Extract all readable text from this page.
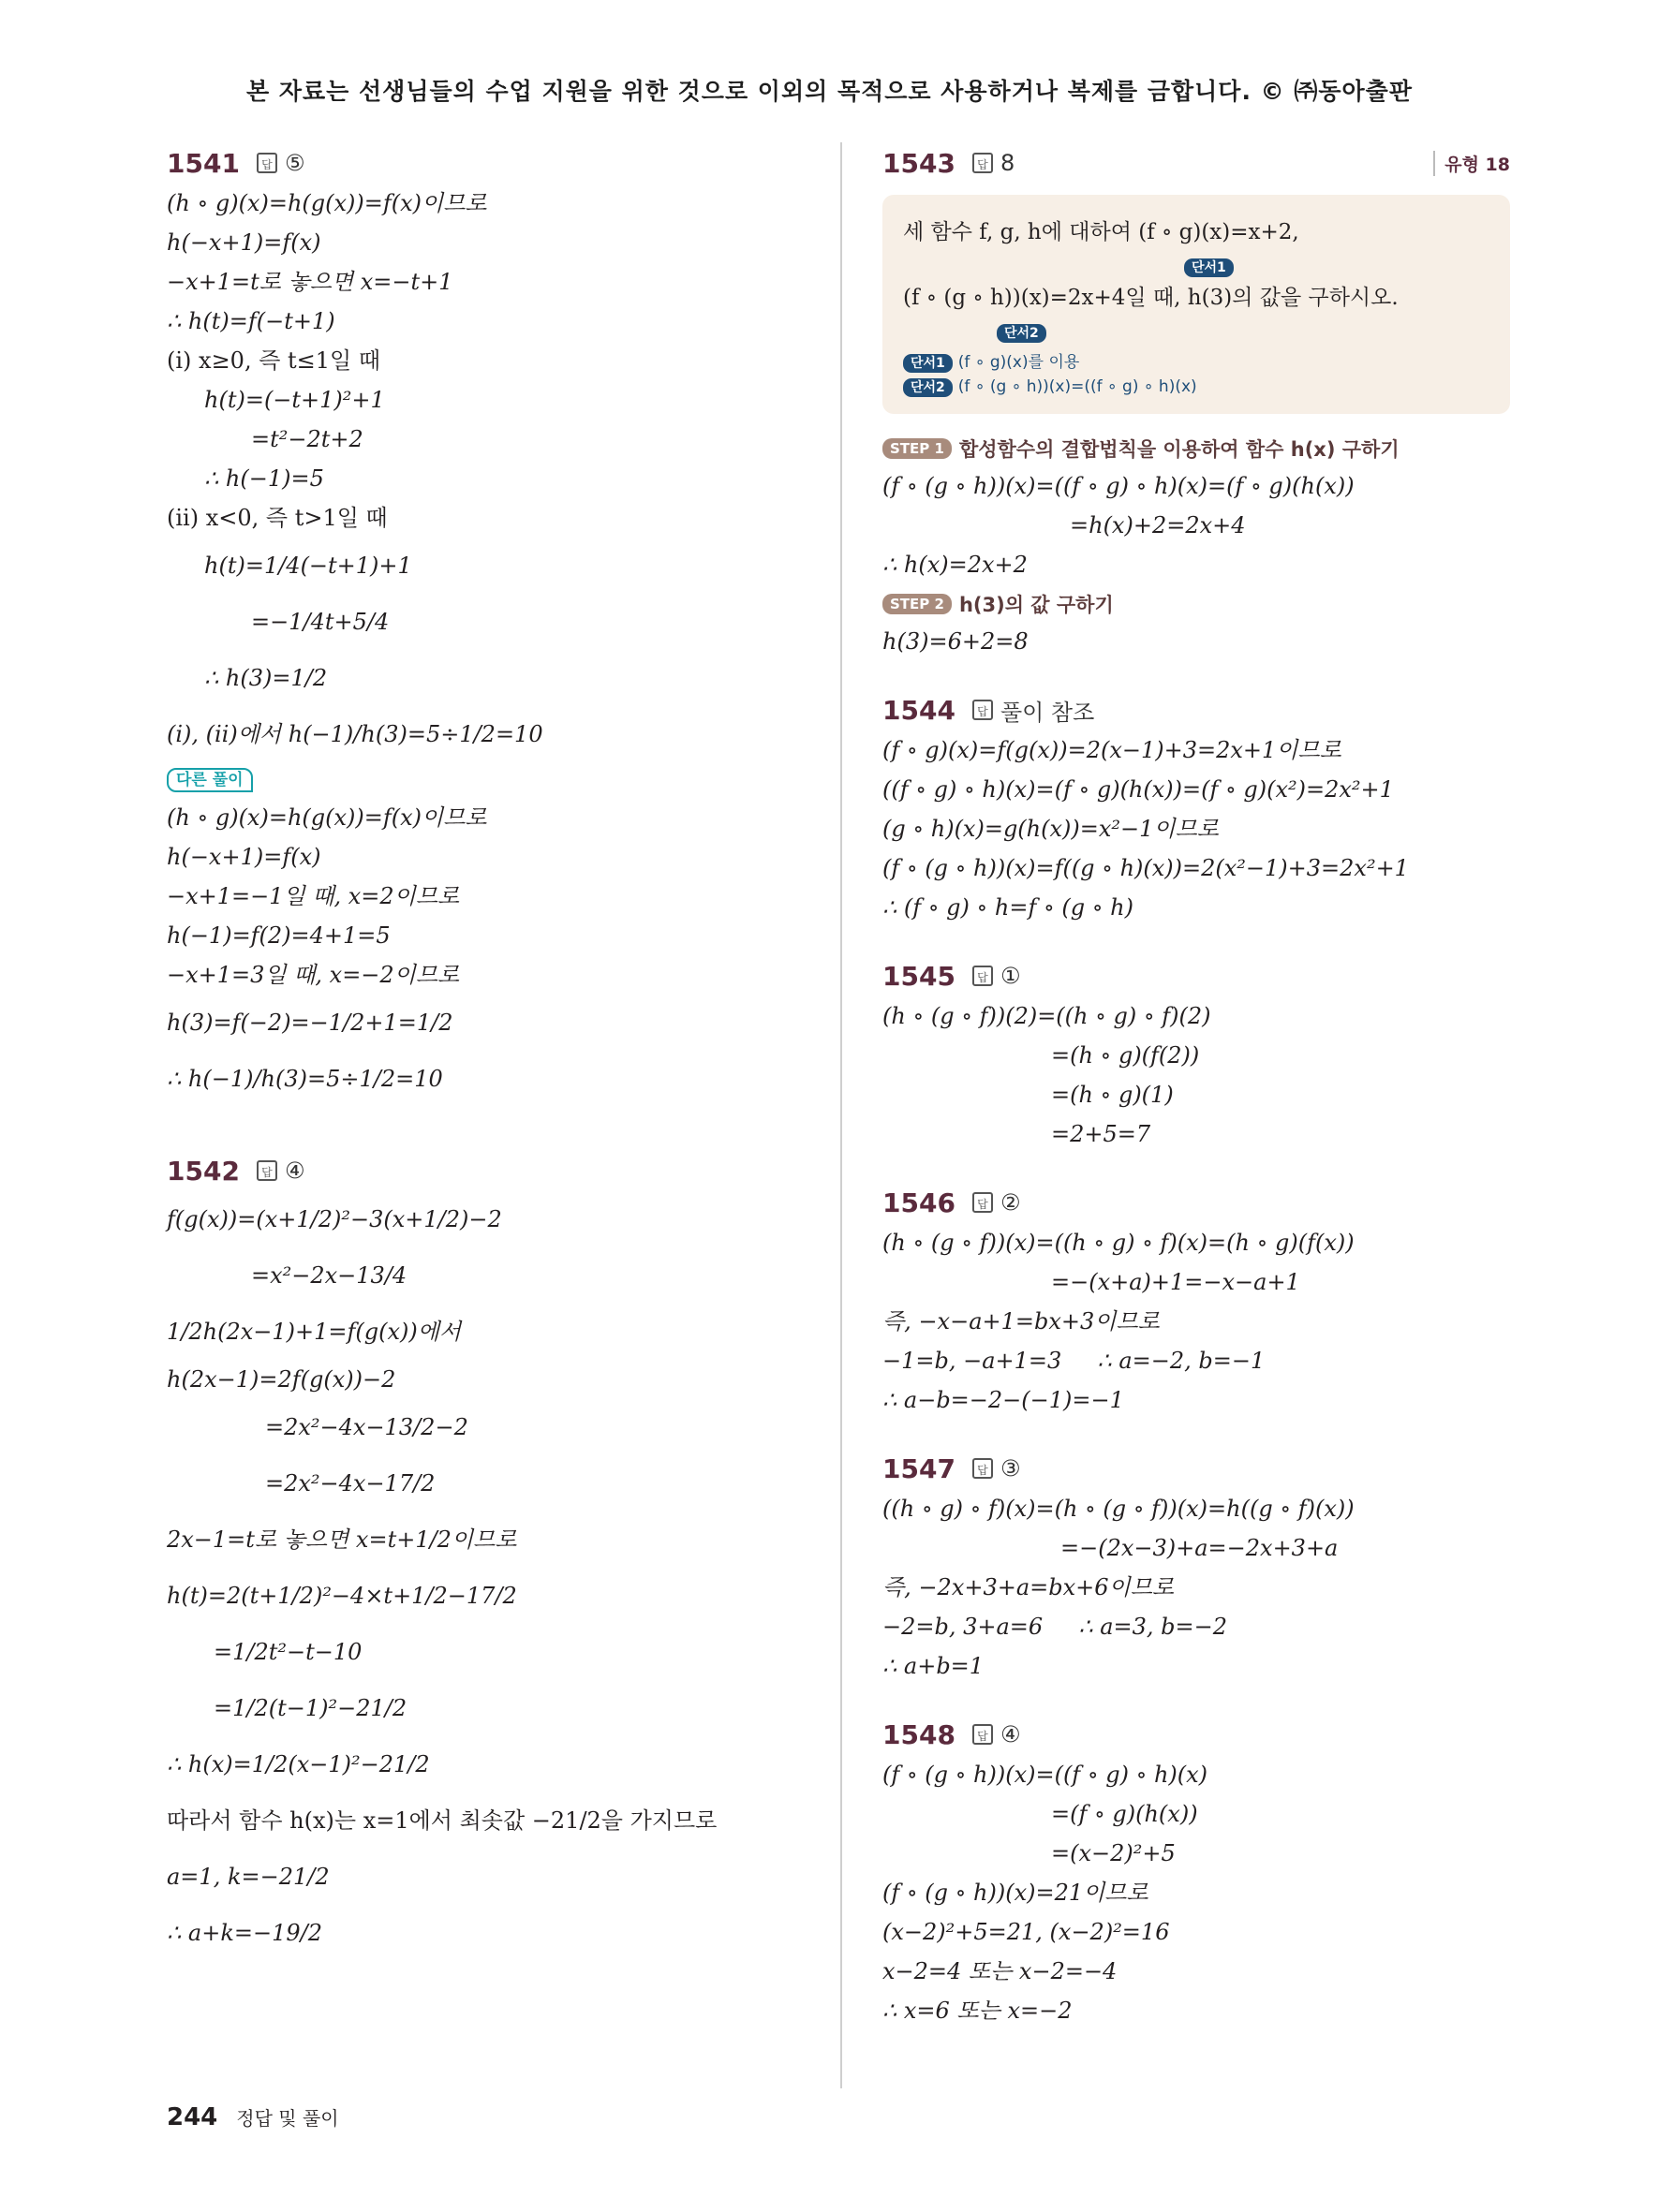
본 자료는 선생님들의 수업 지원을 위한 것으로 이외의 목적으로 사용하거나 복제를 금합니다. © ㈜동아출판
1541	답 ⑤
(h ∘ g)(x)=h(g(x))=f(x)이므로
h(−x+1)=f(x)
−x+1=t로 놓으면 x=−t+1
∴ h(t)=f(−t+1)
(ⅰ) x≥0, 즉 t≤1일 때
h(t)=(−t+1)²+1
=t²−2t+2
∴ h(−1)=5
(ⅱ) x<0, 즉 t>1일 때
h(t)=1/4(−t+1)+1
=−1/4t+5/4
∴ h(3)=1/2
(ⅰ), (ⅱ)에서 h(−1)/h(3)=5÷1/2=10
다른 풀이
(h ∘ g)(x)=h(g(x))=f(x)이므로
h(−x+1)=f(x)
−x+1=−1일 때, x=2이므로
h(−1)=f(2)=4+1=5
−x+1=3일 때, x=−2이므로
h(3)=f(−2)=−1/2+1=1/2
∴ h(−1)/h(3)=5÷1/2=10
1542	답 ④
f(g(x))=(x+1/2)²−3(x+1/2)−2
=x²−2x−13/4
1/2h(2x−1)+1=f(g(x))에서
h(2x−1)=2f(g(x))−2
=2x²−4x−13/2−2
=2x²−4x−17/2
2x−1=t로 놓으면 x=t+1/2이므로
h(t)=2(t+1/2)²−4×t+1/2−17/2
=1/2t²−t−10
=1/2(t−1)²−21/2
∴ h(x)=1/2(x−1)²−21/2
따라서 함수 h(x)는 x=1에서 최솟값 −21/2을 가지므로
a=1, k=−21/2
∴ a+k=−19/2
1543	답 8	유형 18
세 함수 f, g, h에 대하여 (f ∘ g)(x)=x+2,
단서1
(f ∘ (g ∘ h))(x)=2x+4일 때, h(3)의 값을 구하시오.
단서2
단서1 (f ∘ g)(x)를 이용
단서2 (f ∘ (g ∘ h))(x)=((f ∘ g) ∘ h)(x)
STEP 1 합성함수의 결합법칙을 이용하여 함수 h(x) 구하기
(f ∘ (g ∘ h))(x)=((f ∘ g) ∘ h)(x)=(f ∘ g)(h(x))
=h(x)+2=2x+4
∴ h(x)=2x+2
STEP 2 h(3)의 값 구하기
h(3)=6+2=8
1544	답 풀이 참조
(f ∘ g)(x)=f(g(x))=2(x−1)+3=2x+1이므로
((f ∘ g) ∘ h)(x)=(f ∘ g)(h(x))=(f ∘ g)(x²)=2x²+1
(g ∘ h)(x)=g(h(x))=x²−1이므로
(f ∘ (g ∘ h))(x)=f((g ∘ h)(x))=2(x²−1)+3=2x²+1
∴ (f ∘ g) ∘ h=f ∘ (g ∘ h)
1545	답 ①
(h ∘ (g ∘ f))(2)=((h ∘ g) ∘ f)(2)
=(h ∘ g)(f(2))
=(h ∘ g)(1)
=2+5=7
1546	답 ②
(h ∘ (g ∘ f))(x)=((h ∘ g) ∘ f)(x)=(h ∘ g)(f(x))
=−(x+a)+1=−x−a+1
즉, −x−a+1=bx+3이므로
−1=b, −a+1=3     ∴ a=−2, b=−1
∴ a−b=−2−(−1)=−1
1547	답 ③
((h ∘ g) ∘ f)(x)=(h ∘ (g ∘ f))(x)=h((g ∘ f)(x))
=−(2x−3)+a=−2x+3+a
즉, −2x+3+a=bx+6이므로
−2=b, 3+a=6     ∴ a=3, b=−2
∴ a+b=1
1548	답 ④
(f ∘ (g ∘ h))(x)=((f ∘ g) ∘ h)(x)
=(f ∘ g)(h(x))
=(x−2)²+5
(f ∘ (g ∘ h))(x)=21이므로
(x−2)²+5=21, (x−2)²=16
x−2=4 또는 x−2=−4
∴ x=6 또는 x=−2
244 정답 및 풀이
